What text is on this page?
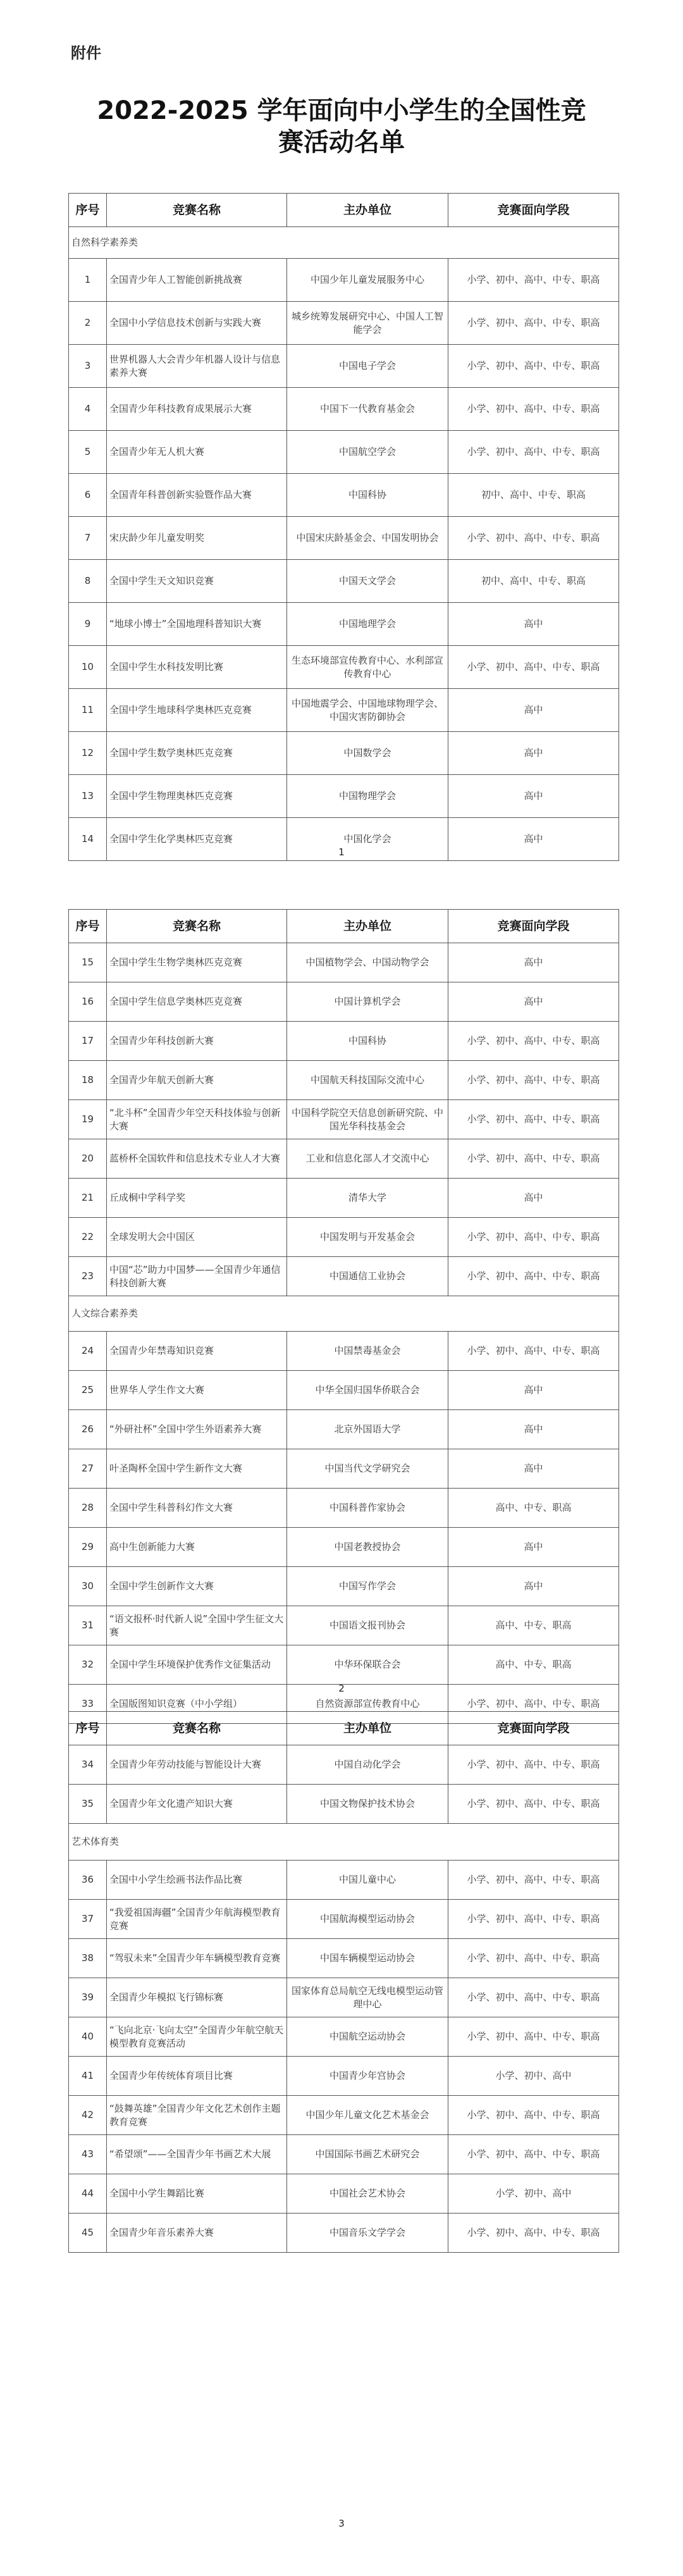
附件
2022-2025 学年面向中小学生的全国性竞
赛活动名单
序号	竞赛名称	主办单位	竞赛面向学段
自然科学素养类			
1	全国青少年人工智能创新挑战赛	中国少年儿童发展服务中心	小学、初中、高中、中专、职高
2	全国中小学信息技术创新与实践大赛	城乡统筹发展研究中心、中国人工智能学会	小学、初中、高中、中专、职高
3	世界机器人大会青少年机器人设计与信息素养大赛	中国电子学会	小学、初中、高中、中专、职高
4	全国青少年科技教育成果展示大赛	中国下一代教育基金会	小学、初中、高中、中专、职高
5	全国青少年无人机大赛	中国航空学会	小学、初中、高中、中专、职高
6	全国青年科普创新实验暨作品大赛	中国科协	初中、高中、中专、职高
7	宋庆龄少年儿童发明奖	中国宋庆龄基金会、中国发明协会	小学、初中、高中、中专、职高
8	全国中学生天文知识竞赛	中国天文学会	初中、高中、中专、职高
9	“地球小博士”全国地理科普知识大赛	中国地理学会	高中
10	全国中学生水科技发明比赛	生态环境部宣传教育中心、水利部宣传教育中心	小学、初中、高中、中专、职高
11	全国中学生地球科学奥林匹克竞赛	中国地震学会、中国地球物理学会、中国灾害防御协会	高中
12	全国中学生数学奥林匹克竞赛	中国数学会	高中
13	全国中学生物理奥林匹克竞赛	中国物理学会	高中
14	全国中学生化学奥林匹克竞赛	中国化学会	高中
1
序号	竞赛名称	主办单位	竞赛面向学段
15	全国中学生生物学奥林匹克竞赛	中国植物学会、中国动物学会	高中
16	全国中学生信息学奥林匹克竞赛	中国计算机学会	高中
17	全国青少年科技创新大赛	中国科协	小学、初中、高中、中专、职高
18	全国青少年航天创新大赛	中国航天科技国际交流中心	小学、初中、高中、中专、职高
19	“北斗杯”全国青少年空天科技体验与创新大赛	中国科学院空天信息创新研究院、中国光华科技基金会	小学、初中、高中、中专、职高
20	蓝桥杯全国软件和信息技术专业人才大赛	工业和信息化部人才交流中心	小学、初中、高中、中专、职高
21	丘成桐中学科学奖	清华大学	高中
22	全球发明大会中国区	中国发明与开发基金会	小学、初中、高中、中专、职高
23	中国“芯”助力中国梦——全国青少年通信科技创新大赛	中国通信工业协会	小学、初中、高中、中专、职高
人文综合素养类			
24	全国青少年禁毒知识竞赛	中国禁毒基金会	小学、初中、高中、中专、职高
25	世界华人学生作文大赛	中华全国归国华侨联合会	高中
26	“外研社杯”全国中学生外语素养大赛	北京外国语大学	高中
27	叶圣陶杯全国中学生新作文大赛	中国当代文学研究会	高中
28	全国中学生科普科幻作文大赛	中国科普作家协会	高中、中专、职高
29	高中生创新能力大赛	中国老教授协会	高中
30	全国中学生创新作文大赛	中国写作学会	高中
31	“语文报杯·时代新人说”全国中学生征文大赛	中国语文报刊协会	高中、中专、职高
32	全国中学生环境保护优秀作文征集活动	中华环保联合会	高中、中专、职高
33	全国版图知识竞赛（中小学组）	自然资源部宣传教育中心	小学、初中、高中、中专、职高
2
序号	竞赛名称	主办单位	竞赛面向学段
34	全国青少年劳动技能与智能设计大赛	中国自动化学会	小学、初中、高中、中专、职高
35	全国青少年文化遗产知识大赛	中国文物保护技术协会	小学、初中、高中、中专、职高
艺术体育类			
36	全国中小学生绘画书法作品比赛	中国儿童中心	小学、初中、高中、中专、职高
37	“我爱祖国海疆”全国青少年航海模型教育竞赛	中国航海模型运动协会	小学、初中、高中、中专、职高
38	“驾驭未来”全国青少年车辆模型教育竞赛	中国车辆模型运动协会	小学、初中、高中、中专、职高
39	全国青少年模拟飞行锦标赛	国家体育总局航空无线电模型运动管理中心	小学、初中、高中、中专、职高
40	“飞向北京·飞向太空”全国青少年航空航天模型教育竞赛活动	中国航空运动协会	小学、初中、高中、中专、职高
41	全国青少年传统体育项目比赛	中国青少年宫协会	小学、初中、高中
42	“鼓舞英雄”全国青少年文化艺术创作主题教育竞赛	中国少年儿童文化艺术基金会	小学、初中、高中、中专、职高
43	“希望颂”——全国青少年书画艺术大展	中国国际书画艺术研究会	小学、初中、高中、中专、职高
44	全国中小学生舞蹈比赛	中国社会艺术协会	小学、初中、高中
45	全国青少年音乐素养大赛	中国音乐文学学会	小学、初中、高中、中专、职高
3
